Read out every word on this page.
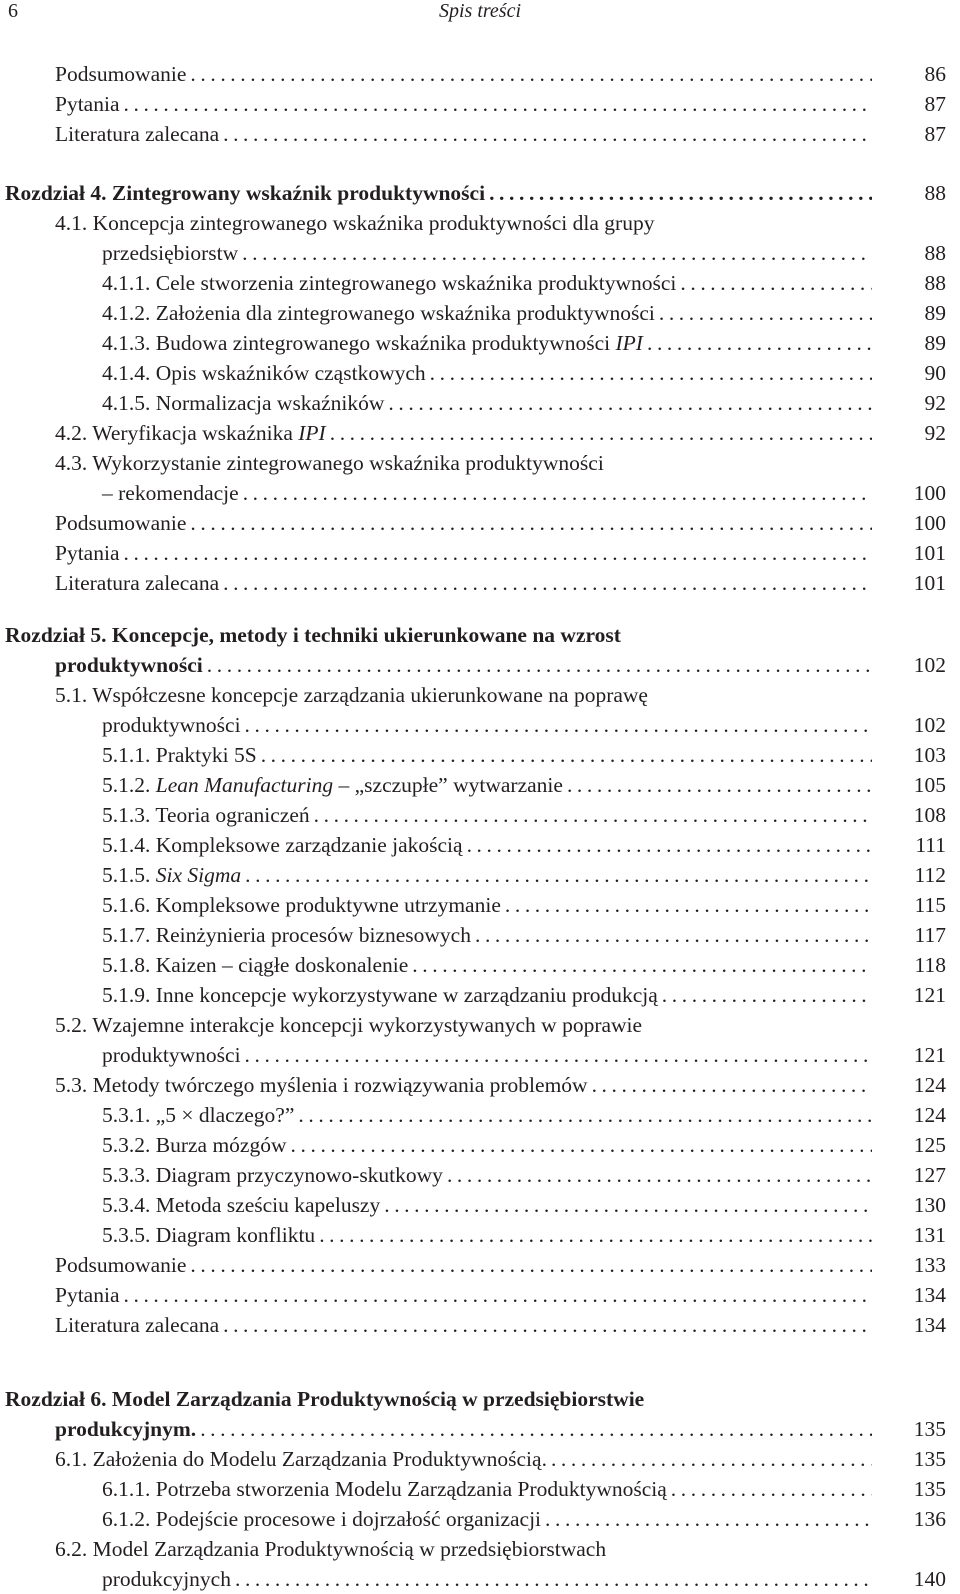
6	Spis treści
Podsumowanie .....	86
Pytania .....	87
Literatura zalecana .....	87
Rozdział 4. Zintegrowany wskaźnik produktywności .....	88
4.1. Koncepcja zintegrowanego wskaźnika produktywności dla grupy
przedsiębiorstw .....	88
4.1.1. Cele stworzenia zintegrowanego wskaźnika produktywności .....	88
4.1.2. Założenia dla zintegrowanego wskaźnika produktywności .....	89
4.1.3. Budowa zintegrowanego wskaźnika produktywności IPI .....	89
4.1.4. Opis wskaźników cząstkowych .....	90
4.1.5. Normalizacja wskaźników .....	92
4.2. Weryfikacja wskaźnika IPI .....	92
4.3. Wykorzystanie zintegrowanego wskaźnika produktywności
– rekomendacje .....	100
Podsumowanie .....	100
Pytania .....	101
Literatura zalecana .....	101
Rozdział 5. Koncepcje, metody i techniki ukierunkowane na wzrost
produktywności .....	102
5.1. Współczesne koncepcje zarządzania ukierunkowane na poprawę
produktywności .....	102
5.1.1. Praktyki 5S .....	103
5.1.2. Lean Manufacturing – „szczupłe” wytwarzanie .....	105
5.1.3. Teoria ograniczeń .....	108
5.1.4. Kompleksowe zarządzanie jakością .....	111
5.1.5. Six Sigma .....	112
5.1.6. Kompleksowe produktywne utrzymanie .....	115
5.1.7. Reinżynieria procesów biznesowych .....	117
5.1.8. Kaizen – ciągłe doskonalenie .....	118
5.1.9. Inne koncepcje wykorzystywane w zarządzaniu produkcją .....	121
5.2. Wzajemne interakcje koncepcji wykorzystywanych w poprawie
produktywności .....	121
5.3. Metody twórczego myślenia i rozwiązywania problemów .....	124
5.3.1. „5 × dlaczego?” .....	124
5.3.2. Burza mózgów .....	125
5.3.3. Diagram przyczynowo-skutkowy .....	127
5.3.4. Metoda sześciu kapeluszy .....	130
5.3.5. Diagram konfliktu .....	131
Podsumowanie .....	133
Pytania .....	134
Literatura zalecana .....	134
Rozdział 6. Model Zarządzania Produktywnością w przedsiębiorstwie
produkcyjnym. .....	135
6.1. Założenia do Modelu Zarządzania Produktywnością. .....	135
6.1.1. Potrzeba stworzenia Modelu Zarządzania Produktywnością .....	135
6.1.2. Podejście procesowe i dojrzałość organizacji .....	136
6.2. Model Zarządzania Produktywnością w przedsiębiorstwach
produkcyjnych .....	140
